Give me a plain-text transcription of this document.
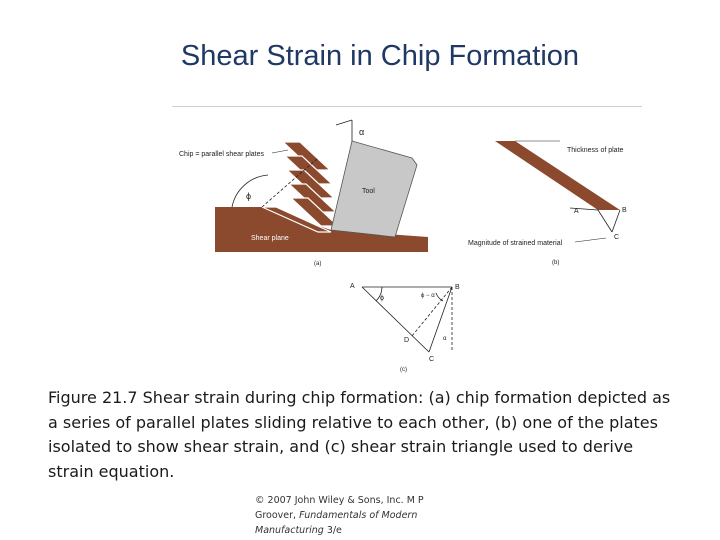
Shear Strain in Chip Formation
α
ϕ
Chip = parallel shear plates
Tool
Shear plane
(a)
Thickness of plate
A	B
C
Magnitude of strained material
(b)
A	B
D
C
ϕ	ϕ − α
α
(c)
Figure 21.7 Shear strain during chip formation: (a) chip formation depicted as a series of parallel plates sliding relative to each other, (b) one of the plates isolated to show shear strain, and (c) shear strain triangle used to derive strain equation.
© 2007 John Wiley & Sons, Inc. M P Groover, Fundamentals of Modern Manufacturing 3/e
